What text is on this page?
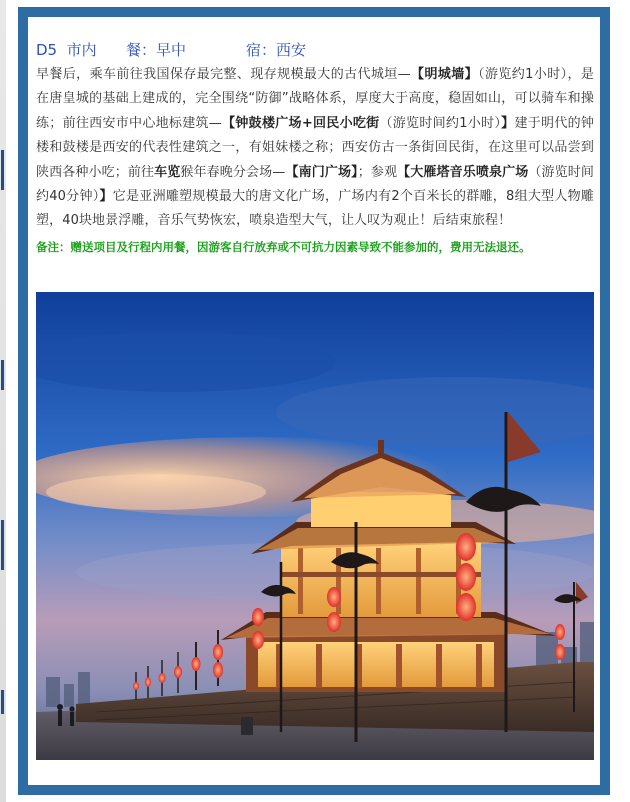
D5 市内 餐：早中	宿：西安

早餐后，乘车前往我国保存最完整、现存规模最大的古代城垣—【明城墙】（游览约1小时），是在唐皇城的基础上建成的，完全围绕“防御”战略体系，厚度大于高度，稳固如山，可以骑车和操练；前往西安市中心地标建筑—【钟鼓楼广场+回民小吃街（游览时间约1小时）】建于明代的钟楼和鼓楼是西安的代表性建筑之一，有姐妹楼之称；西安仿古一条街回民街，在这里可以品尝到陕西各种小吃；前往车览猴年春晚分会场—【南门广场】；参观【大雁塔音乐喷泉广场（游览时间约40分钟）】它是亚洲雕塑规模最大的唐文化广场，广场内有2个百米长的群雕，8组大型人物雕塑，40块地景浮雕，音乐气势恢宏，喷泉造型大气，让人叹为观止！后结束旅程！

备注：赠送项目及行程内用餐，因游客自行放弃或不可抗力因素导致不能参加的，费用无法退还。
